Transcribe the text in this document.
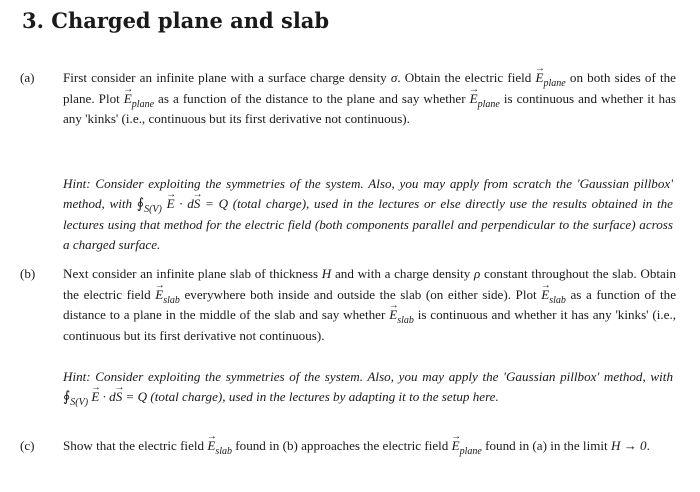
3. Charged plane and slab
(a)	First consider an infinite plane with a surface charge density σ. Obtain the electric field → $E_{plane}$ on both sides of the plane. Plot → $E_{plane}$ as a function of the distance to the plane and say whether → $E_{plane}$ is continuous and whether it has any 'kinks' (i.e., continuous but its first derivative not continuous).
Hint: Consider exploiting the symmetries of the system. Also, you may apply from scratch the 'Gaussian pillbox' method, with $∮_{S(V)} \to E \cdot d\to S = Q$ (total charge), used in the lectures or else directly use the results obtained in the lectures using that method for the electric field (both components parallel and perpendicular to the surface) across a charged surface.
(b)	Next consider an infinite plane slab of thickness H and with a charge density ρ constant throughout the slab. Obtain the electric field → $E_{slab}$ everywhere both inside and outside the slab (on either side). Plot → $E_{slab}$ as a function of the distance to a plane in the middle of the slab and say whether → $E_{slab}$ is continuous and whether it has any 'kinks' (i.e., continuous but its first derivative not continuous).
Hint: Consider exploiting the symmetries of the system. Also, you may apply the 'Gaussian pillbox' method, with $∮_{S(V)} \to E \cdot d\to S = Q$ (total charge), used in the lectures by adapting it to the setup here.
(c)	Show that the electric field → $E_{slab}$ found in (b) approaches the electric field → $E_{plane}$ found in (a) in the limit H → 0.
